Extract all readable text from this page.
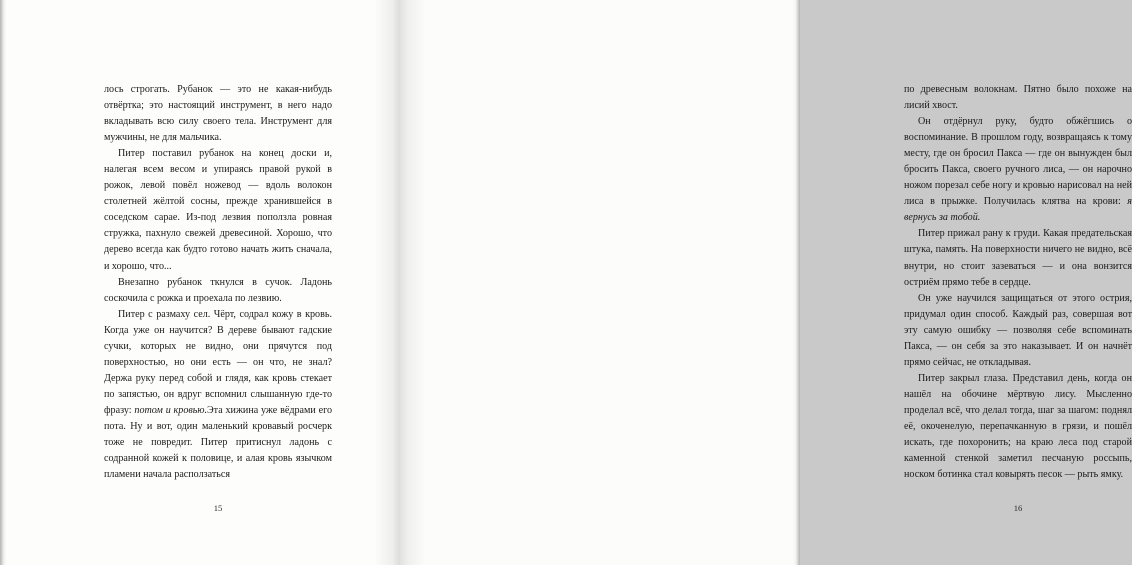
лось строгать. Рубанок — это не какая-нибудь отвёртка; это настоящий инструмент, в него надо вкладывать всю силу своего тела. Инструмент для мужчины, не для мальчика.

Питер поставил рубанок на конец доски и, налегая всем весом и упираясь правой рукой в рожок, левой повёл ножевод — вдоль волокон столетней жёлтой сосны, прежде хранившейся в соседском сарае. Из-под лезвия поползла ровная стружка, пахнуло свежей древесиной. Хорошо, что дерево всегда как будто готово начать жить сначала, и хорошо, что...

Внезапно рубанок ткнулся в сучок. Ладонь соскочила с рожка и проехала по лезвию.

Питер с размаху сел. Чёрт, содрал кожу в кровь. Когда уже он научится? В дереве бывают гадские сучки, которых не видно, они прячутся под поверхностью, но они есть — он что, не знал? Держа руку перед собой и глядя, как кровь стекает по запястью, он вдруг вспомнил слышанную где-то фразу: потом и кровью.Эта хижина уже вёдрами его пота. Ну и вот, один маленький кровавый росчерк тоже не повредит. Питер притиснул ладонь с содранной кожей к половице, и алая кровь язычком пламени начала расползаться

15

по древесным волокнам. Пятно было похоже на лисий хвост.

Он отдёрнул руку, будто обжёгшись о воспоминание. В прошлом году, возвращаясь к тому месту, где он бросил Пакса — где он вынужден был бросить Пакса, своего ручного лиса, — он нарочно ножом порезал себе ногу и кровью нарисовал на ней лиса в прыжке. Получилась клятва на крови: я вернусь за тобой.

Питер прижал рану к груди. Какая предательская штука, память. На поверхности ничего не видно, всё внутри, но стоит зазеваться — и она вонзится остриём прямо тебе в сердце.

Он уже научился защищаться от этого острия, придумал один способ. Каждый раз, совершая вот эту самую ошибку — позволяя себе вспоминать Пакса, — он себя за это наказывает. И он начнёт прямо сейчас, не откладывая.

Питер закрыл глаза. Представил день, когда он нашёл на обочине мёртвую лису. Мысленно проделал всё, что делал тогда, шаг за шагом: поднял её, окоченелую, перепачканную в грязи, и пошёл искать, где похоронить; на краю леса под старой каменной стенкой заметил песчаную россыпь, носком ботинка стал ковырять песок — рыть ямку.

16
